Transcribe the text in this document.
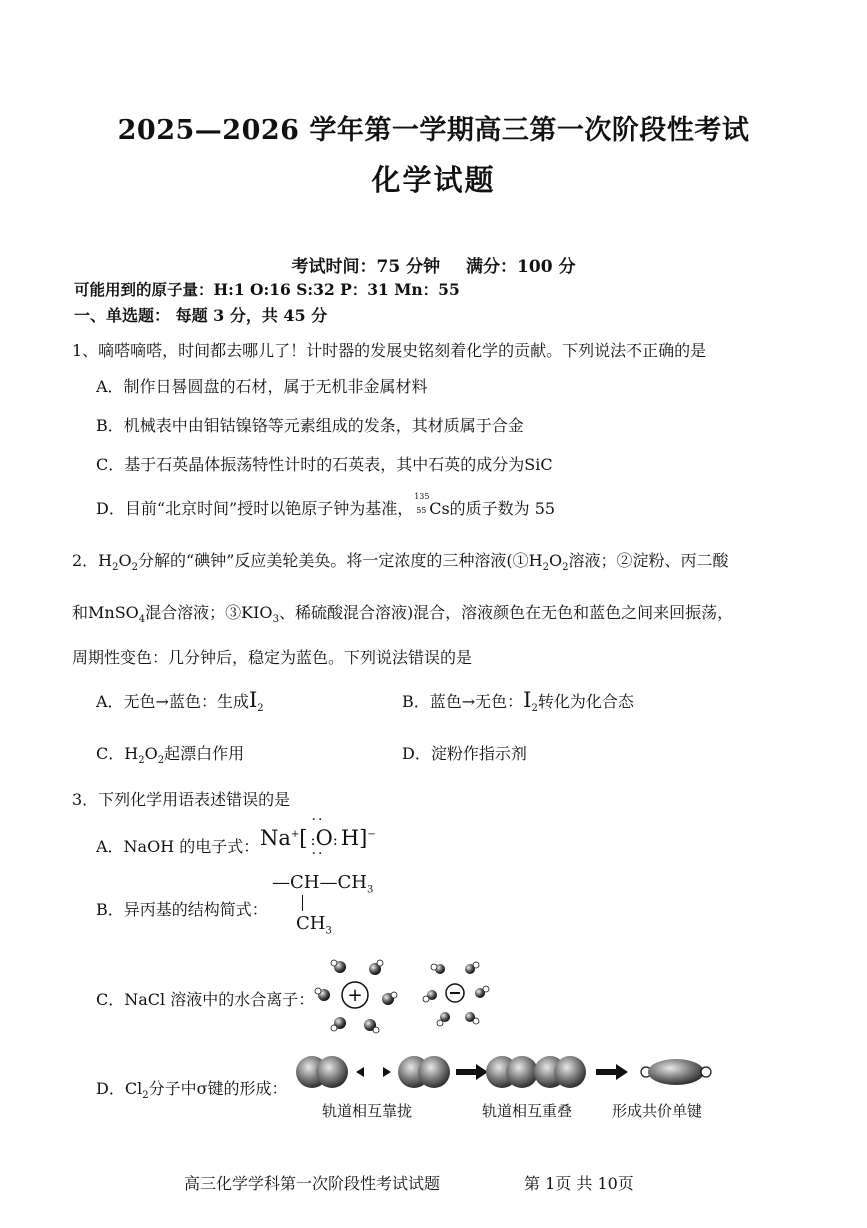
2025—2026 学年第一学期高三第一次阶段性考试
化学试题
考试时间：75 分钟 满分：100 分
可能用到的原子量：H:1 O:16 S:32 P：31 Mn：55
一、单选题： 每题 3 分，共 45 分
1、嘀嗒嘀嗒，时间都去哪儿了！计时器的发展史铭刻着化学的贡献。下列说法不正确的是
A．制作日晷圆盘的石材，属于无机非金属材料
B．机械表中由钼钴镍铬等元素组成的发条，其材质属于合金
C．基于石英晶体振荡特性计时的石英表，其中石英的成分为SiC
D．目前“北京时间”授时以铯原子钟为基准，
135
55 Cs的质子数为 55
2．$H_2O_2$分解的“碘钟”反应美轮美奂。将一定浓度的三种溶液($①H_2O_2$溶液；②淀粉、丙二酸
和MnSO$_4$混合溶液；$③KIO_3$、稀硫酸混合溶液)混合，溶液颜色在无色和蓝色之间来回振荡，
周期性变色：几分钟后，稳定为蓝色。下列说法错误的是
A．无色→蓝色：生成$I_2$	B．蓝色→无色：$I_2$转化为化合态
C．$H_2O_2$起漂白作用	D．淀粉作指示剂
3．下列化学用语表述错误的是
A．NaOH 的电子式： Na+[
··
:O:
··
H]−
B．异丙基的结构简式：
$—CH—CH_3$
$CH_3$
C．NaCl 溶液中的水合离子： +
D．$Cl_2$分子中σ键的形成：
轨道相互靠拢	轨道相互重叠	形成共价单键
高三化学学科第一次阶段性考试试题	第 1页 共 10页
